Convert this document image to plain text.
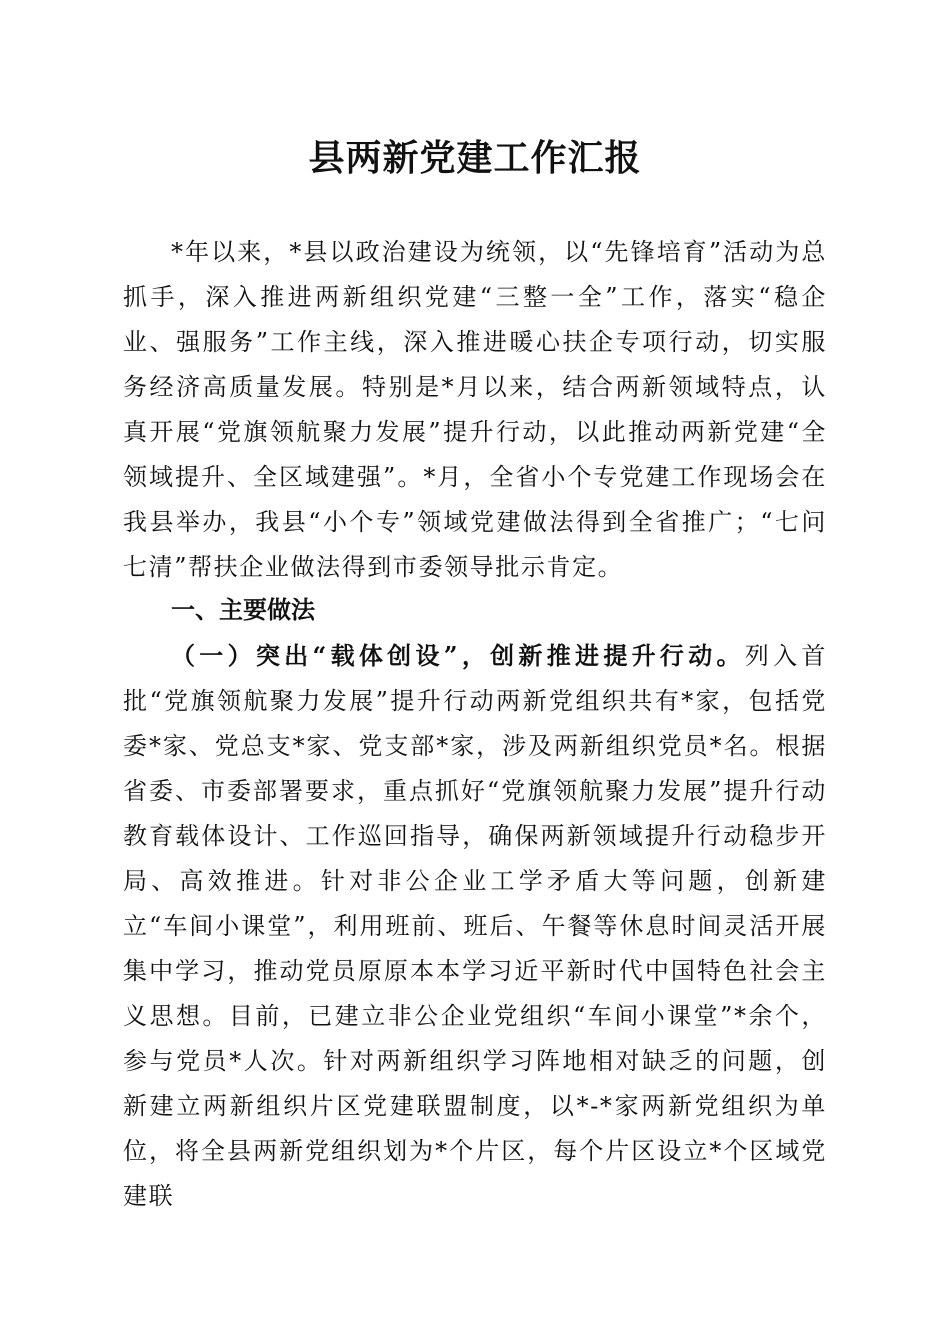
县两新党建工作汇报

*年以来，*县以政治建设为统领，以“先锋培育”活动为总抓手，深入推进两新组织党建“三整一全”工作，落实“稳企业、强服务”工作主线，深入推进暖心扶企专项行动，切实服务经济高质量发展。特别是*月以来，结合两新领域特点，认真开展“党旗领航聚力发展”提升行动，以此推动两新党建“全领域提升、全区域建强”。*月，全省小个专党建工作现场会在我县举办，我县“小个专”领域党建做法得到全省推广；“七问七清”帮扶企业做法得到市委领导批示肯定。

一、主要做法

（一）突出“载体创设”，创新推进提升行动。列入首批“党旗领航聚力发展”提升行动两新党组织共有*家，包括党委*家、党总支*家、党支部*家，涉及两新组织党员*名。根据省委、市委部署要求，重点抓好“党旗领航聚力发展”提升行动教育载体设计、工作巡回指导，确保两新领域提升行动稳步开局、高效推进。针对非公企业工学矛盾大等问题，创新建立“车间小课堂”，利用班前、班后、午餐等休息时间灵活开展集中学习，推动党员原原本本学习近平新时代中国特色社会主义思想。目前，已建立非公企业党组织“车间小课堂”*余个，参与党员*人次。针对两新组织学习阵地相对缺乏的问题，创新建立两新组织片区党建联盟制度，以*-*家两新党组织为单位，将全县两新党组织划为*个片区，每个片区设立*个区域党建联
